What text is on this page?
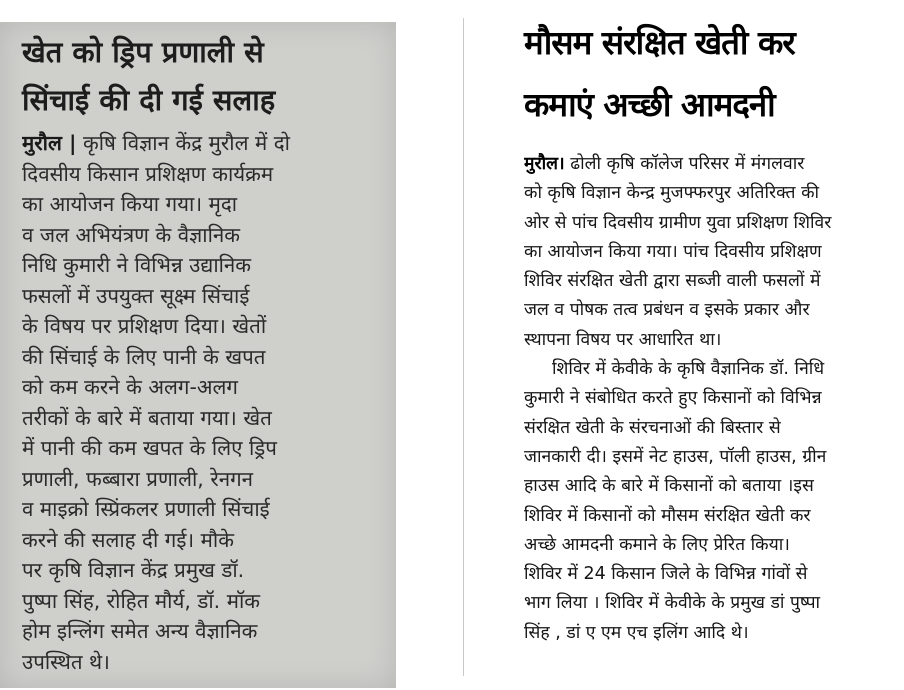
खेत को ड्रिप प्रणाली से
सिंचाई की दी गई सलाह
मुरौल | कृषि विज्ञान केंद्र मुरौल में दो
दिवसीय किसान प्रशिक्षण कार्यक्रम
का आयोजन किया गया। मृदा
व जल अभियंत्रण के वैज्ञानिक
निधि कुमारी ने विभिन्न उद्यानिक
फसलों में उपयुक्त सूक्ष्म सिंचाई
के विषय पर प्रशिक्षण दिया। खेतों
की सिंचाई के लिए पानी के खपत
को कम करने के अलग-अलग
तरीकों के बारे में बताया गया। खेत
में पानी की कम खपत के लिए ड्रिप
प्रणाली, फब्बारा प्रणाली, रेनगन
व माइक्रो स्प्रिंकलर प्रणाली सिंचाई
करने की सलाह दी गई। मौके
पर कृषि विज्ञान केंद्र प्रमुख डॉ.
पुष्पा सिंह, रोहित मौर्य, डॉ. मॉक
होम इन्लिंग समेत अन्य वैज्ञानिक
उपस्थित थे।
मौसम संरक्षित खेती कर
कमाएं अच्छी आमदनी
मुरौल। ढोली कृषि कॉलेज परिसर में मंगलवार
को कृषि विज्ञान केन्द्र मुजफ्फरपुर अतिरिक्त की
ओर से पांच दिवसीय ग्रामीण युवा प्रशिक्षण शिविर
का आयोजन किया गया। पांच दिवसीय प्रशिक्षण
शिविर संरक्षित खेती द्वारा सब्जी वाली फसलों में
जल व पोषक तत्व प्रबंधन व इसके प्रकार और
स्थापना विषय पर आधारित था।
शिविर में केवीके के कृषि वैज्ञानिक डॉ. निधि
कुमारी ने संबोधित करते हुए किसानों को विभिन्न
संरक्षित खेती के संरचनाओं की बिस्तार से
जानकारी दी। इसमें नेट हाउस, पॉली हाउस, ग्रीन
हाउस आदि के बारे में किसानों को बताया ।इस
शिविर में किसानों को मौसम संरक्षित खेती कर
अच्छे आमदनी कमाने के लिए प्रेरित किया।
शिविर में 24 किसान जिले के विभिन्न गांवों से
भाग लिया । शिविर में केवीके के प्रमुख डां पुष्पा
सिंह , डां ए एम एच इलिंग आदि थे।
